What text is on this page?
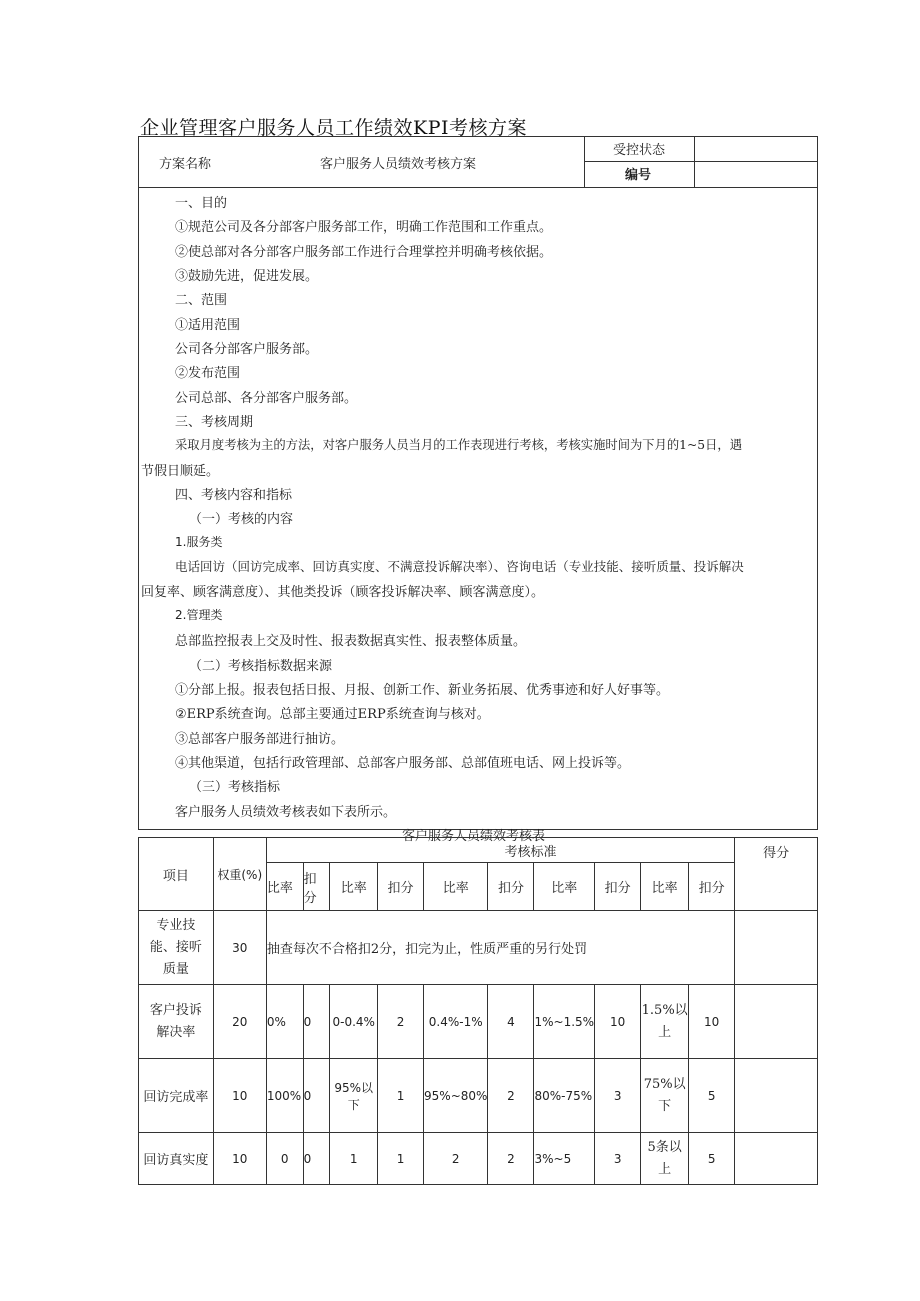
企业管理客户服务人员工作绩效KPI考核方案
方案名称	客户服务人员绩效考核方案
受控状态
编号
一、目的
①规范公司及各分部客户服务部工作，明确工作范围和工作重点。
②使总部对各分部客户服务部工作进行合理掌控并明确考核依据。
③鼓励先进，促进发展。
二、范围
①适用范围
公司各分部客户服务部。
②发布范围
公司总部、各分部客户服务部。
三、考核周期
采取月度考核为主的方法，对客户服务人员当月的工作表现进行考核，考核实施时间为下月的1~5日，遇
节假日顺延。
四、考核内容和指标
（一）考核的内容
1.服务类
电话回访（回访完成率、回访真实度、不满意投诉解决率）、咨询电话（专业技能、接听质量、投诉解决
回复率、顾客满意度）、其他类投诉（顾客投诉解决率、顾客满意度）。
2.管理类
总部监控报表上交及时性、报表数据真实性、报表整体质量。
（二）考核指标数据来源
①分部上报。报表包括日报、月报、创新工作、新业务拓展、优秀事迹和好人好事等。
②ERP系统查询。总部主要通过ERP系统查询与核对。
③总部客户服务部进行抽访。
④其他渠道，包括行政管理部、总部客户服务部、总部值班电话、网上投诉等。
（三）考核指标
客户服务人员绩效考核表如下表所示。
客户服务人员绩效考核表
项目	权重(%)	考核标准										得分
		比率	扣分	比率	扣分	比率	扣分	比率	扣分	比率	扣分	
专业技能、接听质量	30	抽查每次不合格扣2分，扣完为止，性质严重的另行处罚										
客户投诉解决率	20	0%	0	0-0.4%	2	0.4%-1%	4	1%~1.5%	10	1.5%以上	10	
回访完成率	10	100%	0	95%以下	1	95%~80%	2	80%-75%	3	75%以下	5	
回访真实度	10	0	0	1	1	2	2	3%~5	3	5条以上	5	
